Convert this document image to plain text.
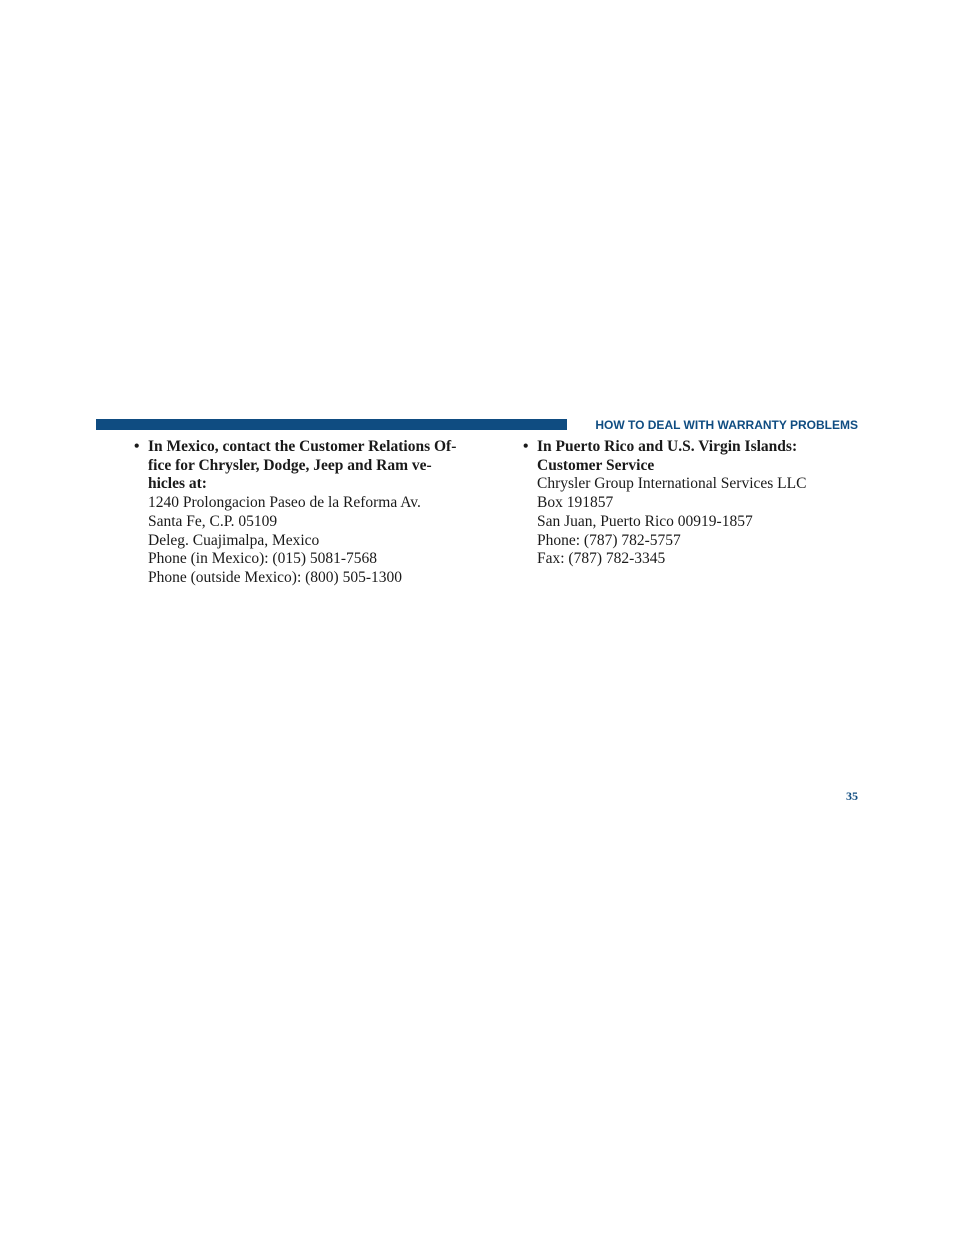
HOW TO DEAL WITH WARRANTY PROBLEMS
• In Mexico, contact the Customer Relations Of-

fice for Chrysler, Dodge, Jeep and Ram ve-

hicles at:

1240 Prolongacion Paseo de la Reforma Av.

Santa Fe, C.P. 05109

Deleg. Cuajimalpa, Mexico

Phone (in Mexico): (015) 5081-7568

Phone (outside Mexico): (800) 505-1300

• In Puerto Rico and U.S. Virgin Islands:

Customer Service

Chrysler Group International Services LLC

Box 191857

San Juan, Puerto Rico 00919-1857

Phone: (787) 782-5757

Fax: (787) 782-3345

35
